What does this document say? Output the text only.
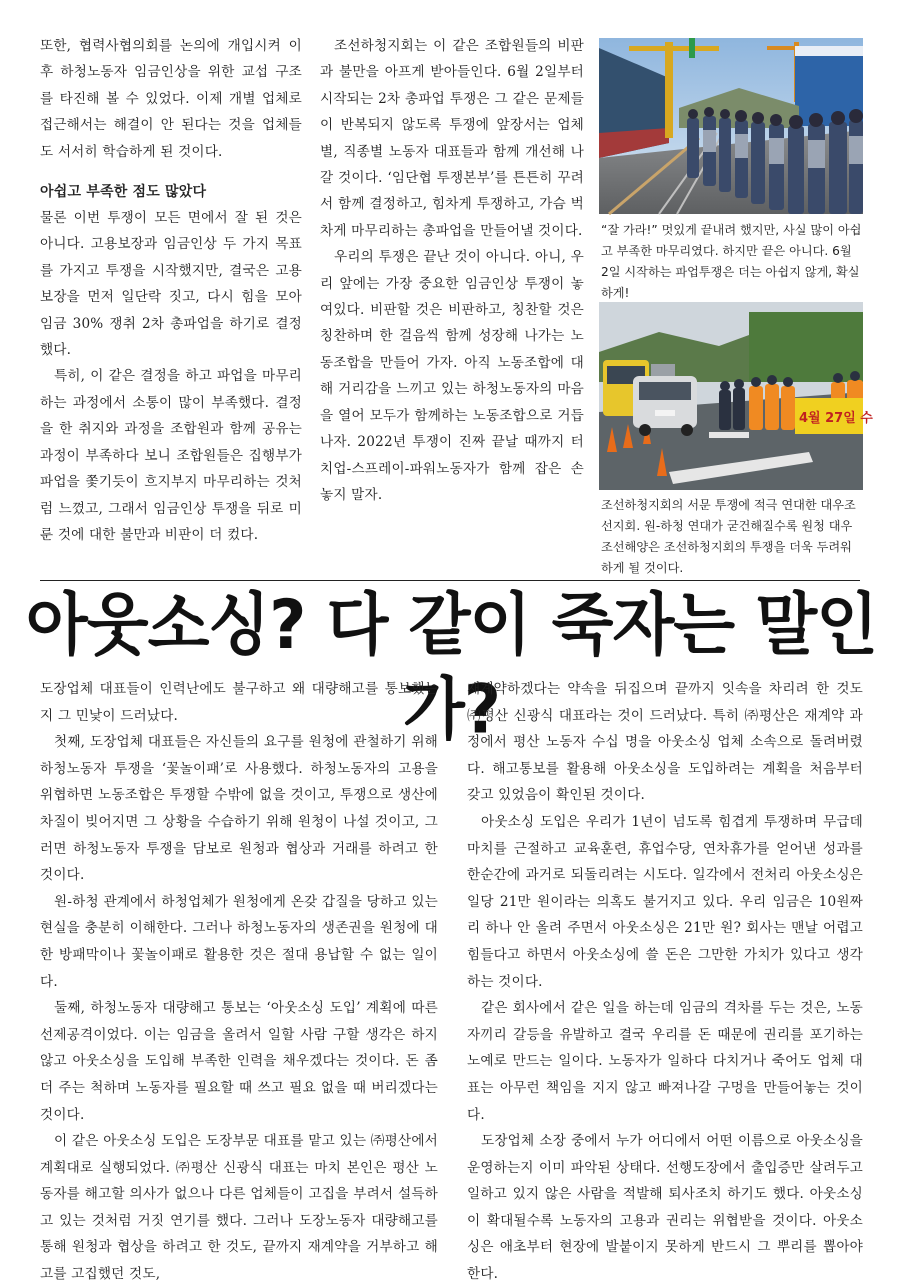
또한, 협력사협의회를 논의에 개입시켜 이후 하청노동자 임금인상을 위한 교섭 구조를 타진해 볼 수 있었다. 이제 개별 업체로 접근해서는 해결이 안 된다는 것을 업체들도 서서히 학습하게 된 것이다.

아쉽고 부족한 점도 많았다

물론 이번 투쟁이 모든 면에서 잘 된 것은 아니다. 고용보장과 임금인상 두 가지 목표를 가지고 투쟁을 시작했지만, 결국은 고용보장을 먼저 일단락 짓고, 다시 힘을 모아 임금 30% 쟁취 2차 총파업을 하기로 결정했다.

특히, 이 같은 결정을 하고 파업을 마무리하는 과정에서 소통이 많이 부족했다. 결정을 한 취지와 과정을 조합원과 함께 공유는 과정이 부족하다 보니 조합원들은 집행부가 파업을 쫓기듯이 흐지부지 마무리하는 것처럼 느꼈고, 그래서 임금인상 투쟁을 뒤로 미룬 것에 대한 불만과 비판이 더 컸다.

조선하청지회는 이 같은 조합원들의 비판과 불만을 아프게 받아들인다. 6월 2일부터 시작되는 2차 총파업 투쟁은 그 같은 문제들이 반복되지 않도록 투쟁에 앞장서는 업체별, 직종별 노동자 대표들과 함께 개선해 나갈 것이다. ‘임단협 투쟁본부’를 튼튼히 꾸려서 함께 결정하고, 힘차게 투쟁하고, 가슴 벅차게 마무리하는 총파업을 만들어낼 것이다.

우리의 투쟁은 끝난 것이 아니다. 아니, 우리 앞에는 가장 중요한 임금인상 투쟁이 놓여있다. 비판할 것은 비판하고, 칭찬할 것은 칭찬하며 한 걸음씩 함께 성장해 나가는 노동조합을 만들어 가자. 아직 노동조합에 대해 거리감을 느끼고 있는 하청노동자의 마음을 열어 모두가 함께하는 노동조합으로 거듭나자. 2022년 투쟁이 진짜 끝날 때까지 터치업-스프레이-파워노동자가 함께 잡은 손 놓지 말자.

“잘 가라!” 멋있게 끝내려 했지만, 사실 많이 아쉽고 부족한 마무리였다. 하지만 끝은 아니다. 6월 2일 시작하는 파업투쟁은 더는 아쉽지 않게, 확실하게!
4월 27일 수
조선하청지회의 서문 투쟁에 적극 연대한 대우조선지회. 원-하청 연대가 굳건해질수록 원청 대우조선해양은 조선하청지회의 투쟁을 더욱 두려워하게 될 것이다.
아웃소싱? 다 같이 죽자는 말인가?

도장업체 대표들이 인력난에도 불구하고 왜 대량해고를 통보했는지 그 민낯이 드러났다.

첫째, 도장업체 대표들은 자신들의 요구를 원청에 관철하기 위해 하청노동자 투쟁을 ‘꽃놀이패’로 사용했다. 하청노동자의 고용을 위협하면 노동조합은 투쟁할 수밖에 없을 것이고, 투쟁으로 생산에 차질이 빚어지면 그 상황을 수습하기 위해 원청이 나설 것이고, 그러면 하청노동자 투쟁을 담보로 원청과 협상과 거래를 하려고 한 것이다.

원-하청 관계에서 하청업체가 원청에게 온갖 갑질을 당하고 있는 현실을 충분히 이해한다. 그러나 하청노동자의 생존권을 원청에 대한 방패막이나 꽃놀이패로 활용한 것은 절대 용납할 수 없는 일이다.

둘째, 하청노동자 대량해고 통보는 ‘아웃소싱 도입’ 계획에 따른 선제공격이었다. 이는 임금을 올려서 일할 사람 구할 생각은 하지 않고 아웃소싱을 도입해 부족한 인력을 채우겠다는 것이다. 돈 좀 더 주는 척하며 노동자를 필요할 때 쓰고 필요 없을 때 버리겠다는 것이다.

이 같은 아웃소싱 도입은 도장부문 대표를 맡고 있는 ㈜평산에서 계획대로 실행되었다. ㈜평산 신광식 대표는 마치 본인은 평산 노동자를 해고할 의사가 없으나 다른 업체들이 고집을 부려서 설득하고 있는 것처럼 거짓 연기를 했다. 그러나 도장노동자 대량해고를 통해 원청과 협상을 하려고 한 것도, 끝까지 재계약을 거부하고 해고를 고집했던 것도,

재계약하겠다는 약속을 뒤집으며 끝까지 잇속을 차리려 한 것도 ㈜평산 신광식 대표라는 것이 드러났다. 특히 ㈜평산은 재계약 과정에서 평산 노동자 수십 명을 아웃소싱 업체 소속으로 돌려버렸다. 해고통보를 활용해 아웃소싱을 도입하려는 계획을 처음부터 갖고 있었음이 확인된 것이다.

아웃소싱 도입은 우리가 1년이 넘도록 힘겹게 투쟁하며 무급데마치를 근절하고 교육훈련, 휴업수당, 연차휴가를 얻어낸 성과를 한순간에 과거로 되돌리려는 시도다. 일각에서 전처리 아웃소싱은 일당 21만 원이라는 의혹도 불거지고 있다. 우리 임금은 10원짜리 하나 안 올려 주면서 아웃소싱은 21만 원? 회사는 맨날 어렵고 힘들다고 하면서 아웃소싱에 쓸 돈은 그만한 가치가 있다고 생각하는 것이다.

같은 회사에서 같은 일을 하는데 임금의 격차를 두는 것은, 노동자끼리 갈등을 유발하고 결국 우리를 돈 때문에 권리를 포기하는 노예로 만드는 일이다. 노동자가 일하다 다치거나 죽어도 업체 대표는 아무런 책임을 지지 않고 빠져나갈 구멍을 만들어놓는 것이다.

도장업체 소장 중에서 누가 어디에서 어떤 이름으로 아웃소싱을 운영하는지 이미 파악된 상태다. 선행도장에서 출입증만 살려두고 일하고 있지 않은 사람을 적발해 퇴사조치 하기도 했다. 아웃소싱이 확대될수록 노동자의 고용과 권리는 위협받을 것이다. 아웃소싱은 애초부터 현장에 발붙이지 못하게 반드시 그 뿌리를 뽑아야 한다.
